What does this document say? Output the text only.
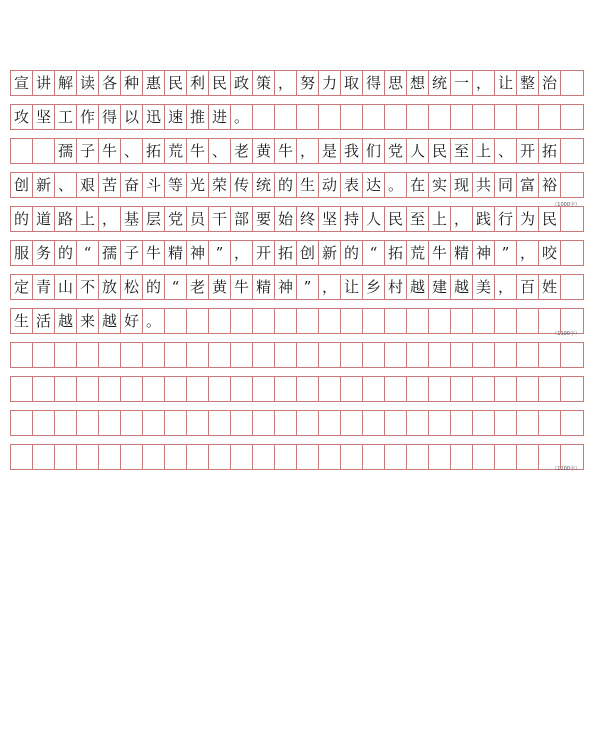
宣 讲 解 读 各 种 惠 民 利 民 政 策 ， 努 力 取 得 思 想 统 一 ， 让 整 治
攻 坚 工 作 得 以 迅 速 推 进 。

孺 子 牛 、 拓 荒 牛 、 老 黄 牛 ， 是 我 们 党 人 民 至 上 、 开 拓
创 新 、 艰 苦 奋 斗 等 光 荣 传 统 的 生 动 表 达 。 在 实 现 共 同 富 裕
的 道 路 上 ， 基 层 党 员 干 部 要 始 终 坚 持 人 民 至 上 ， 践 行 为 民
服 务 的 “ 孺 子 牛 精 神 ” ， 开 拓 创 新 的 “ 拓 荒 牛 精 神 ” ， 咬
定 青 山 不 放 松 的 “ 老 黄 牛 精 神 ” ， 让 乡 村 越 建 越 美 ， 百 姓
生 活 越 来 越 好 。
（1000字）
（1100字）
（1200字）
